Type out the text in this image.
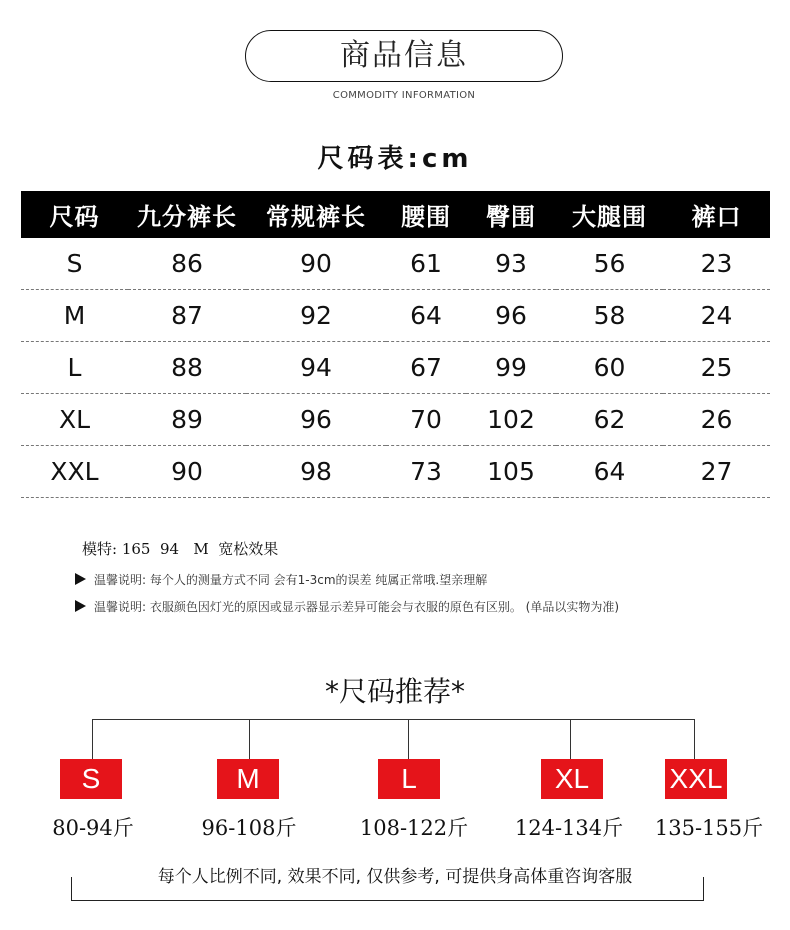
商品信息
COMMODITY INFORMATION
尺码表:cm
尺码	九分裤长	常规裤长	腰围	臀围	大腿围	裤口
S	86	90	61	93	56	23
M	87	92	64	96	58	24
L	88	94	67	99	60	25
XL	89	96	70	102	62	26
XXL	90	98	73	105	64	27
模特: 165  94   M  宽松效果
温馨说明: 每个人的测量方式不同 会有1-3cm的误差 纯属正常哦.望亲理解
温馨说明: 衣服颜色因灯光的原因或显示器显示差异可能会与衣服的原色有区别。 (单品以实物为准)
*尺码推荐*
S	M	L	XL	XXL
80-94斤	96-108斤	108-122斤	124-134斤	135-155斤
每个人比例不同, 效果不同, 仅供参考, 可提供身高体重咨询客服
